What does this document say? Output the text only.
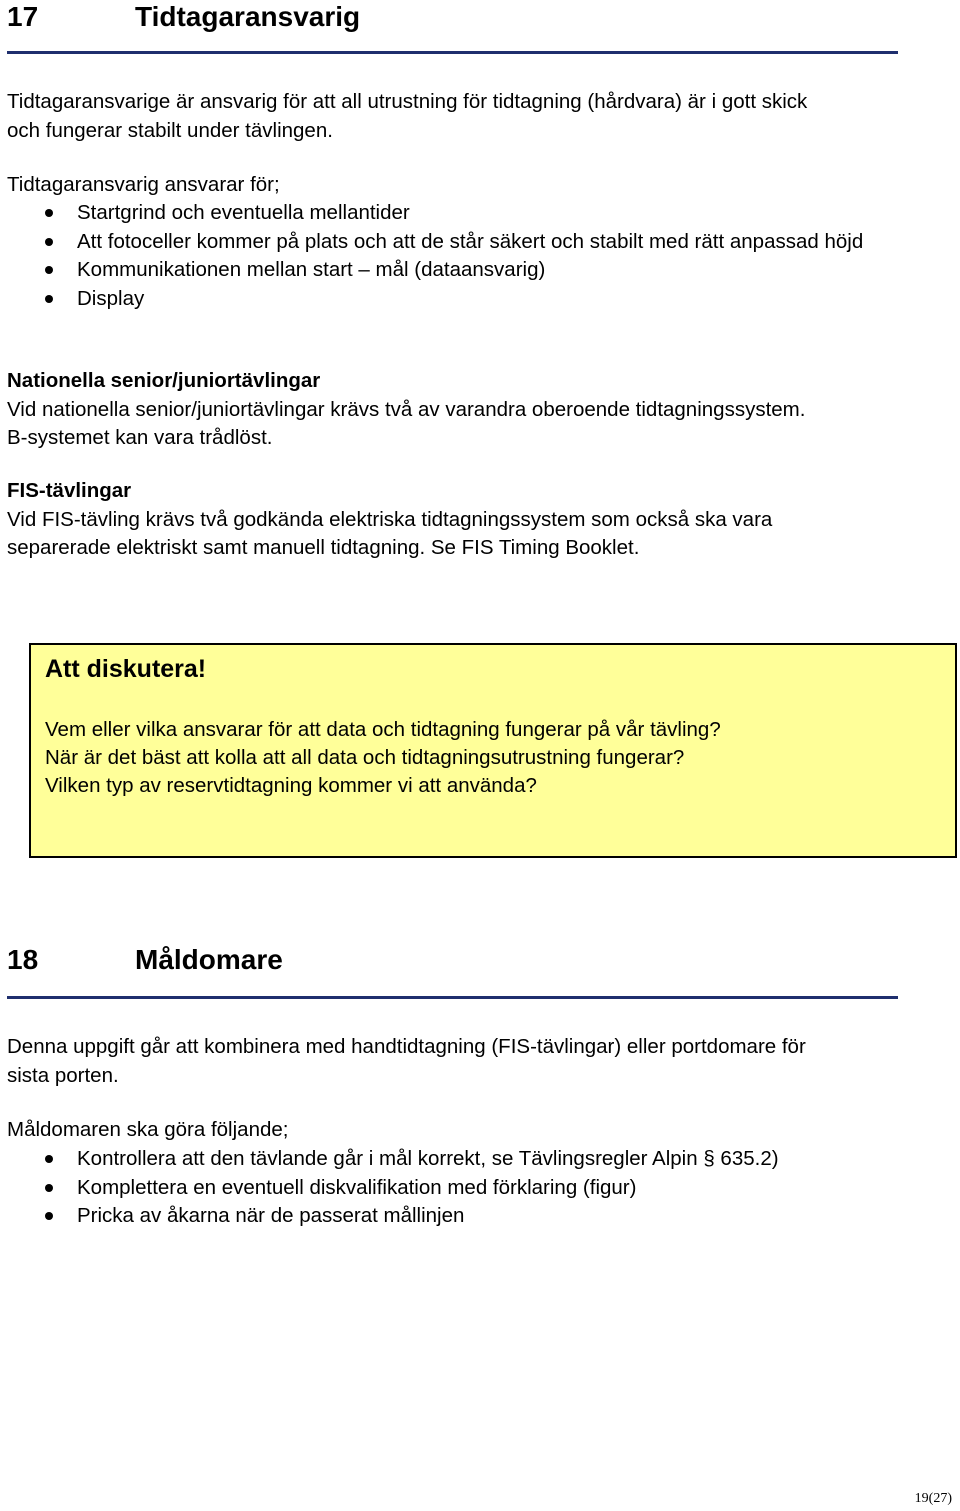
17	Tidtagaransvarig
Tidtagaransvarige är ansvarig för att all utrustning för tidtagning (hårdvara) är i gott skick
och fungerar stabilt under tävlingen.
Tidtagaransvarig ansvarar för;
Startgrind och eventuella mellantider
Att fotoceller kommer på plats och att de står säkert och stabilt med rätt anpassad höjd
Kommunikationen mellan start – mål (dataansvarig)
Display
Nationella senior/juniortävlingar
Vid nationella senior/juniortävlingar krävs två av varandra oberoende tidtagningssystem.
B-systemet kan vara trådlöst.
FIS-tävlingar
Vid FIS-tävling krävs två godkända elektriska tidtagningssystem som också ska vara
separerade elektriskt samt manuell tidtagning. Se FIS Timing Booklet.
Att diskutera!
Vem eller vilka ansvarar för att data och tidtagning fungerar på vår tävling?
När är det bäst att kolla att all data och tidtagningsutrustning fungerar?
Vilken typ av reservtidtagning kommer vi att använda?
18	Måldomare
Denna uppgift går att kombinera med handtidtagning (FIS-tävlingar) eller portdomare för
sista porten.
Måldomaren ska göra följande;
Kontrollera att den tävlande går i mål korrekt, se Tävlingsregler Alpin § 635.2)
Komplettera en eventuell diskvalifikation med förklaring (figur)
Pricka av åkarna när de passerat mållinjen
19(27)
